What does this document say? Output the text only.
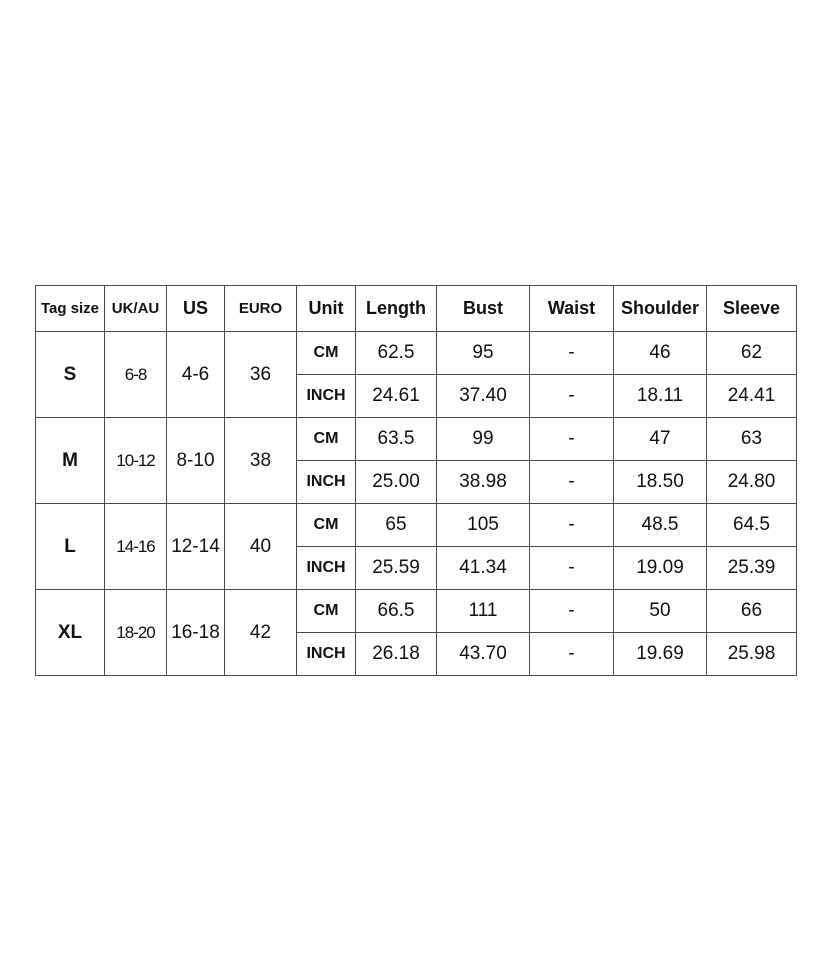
Tag size	UK/AU	US	EURO	Unit	Length	Bust	Waist	Shoulder	Sleeve
S	6-8	4-6	36	CM	62.5	95	-	46	62
				INCH	24.61	37.40	-	18.11	24.41
M	10-12	8-10	38	CM	63.5	99	-	47	63
				INCH	25.00	38.98	-	18.50	24.80
L	14-16	12-14	40	CM	65	105	-	48.5	64.5
				INCH	25.59	41.34	-	19.09	25.39
XL	18-20	16-18	42	CM	66.5	111	-	50	66
				INCH	26.18	43.70	-	19.69	25.98
